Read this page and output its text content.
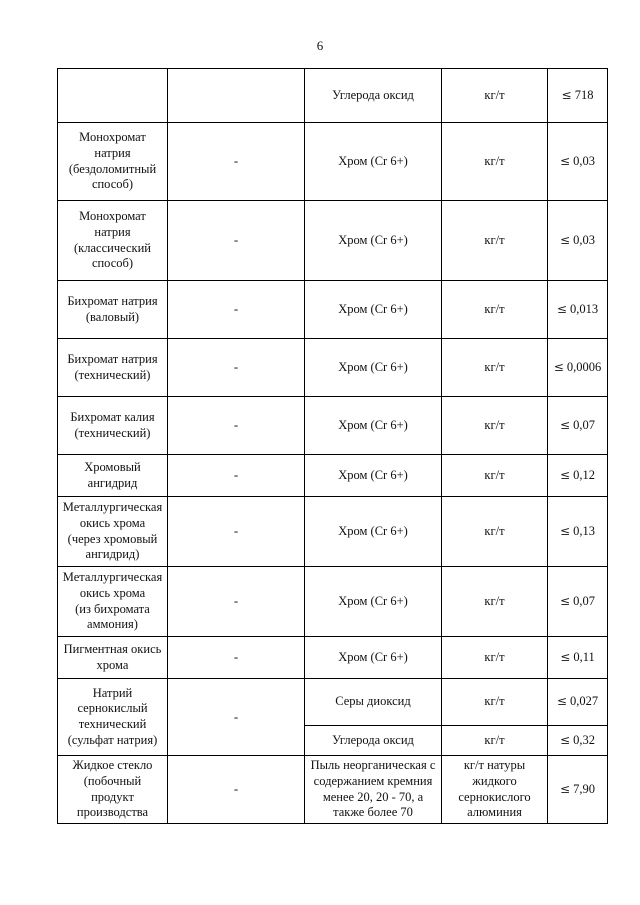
6
		Углерода оксид	кг/т	≤ 718
Монохромат
натрия
(бездоломитный
способ)	-	Хром (Cr 6+)	кг/т	≤ 0,03
Монохромат
натрия
(классический
способ)	-	Хром (Cr 6+)	кг/т	≤ 0,03
Бихромат натрия
(валовый)	-	Хром (Cr 6+)	кг/т	≤ 0,013
Бихромат натрия
(технический)	-	Хром (Cr 6+)	кг/т	≤ 0,0006
Бихромат калия
(технический)	-	Хром (Cr 6+)	кг/т	≤ 0,07
Хромовый
ангидрид	-	Хром (Cr 6+)	кг/т	≤ 0,12
Металлургическая
окись хрома
(через хромовый
ангидрид)	-	Хром (Cr 6+)	кг/т	≤ 0,13
Металлургическая
окись хрома
(из бихромата
аммония)	-	Хром (Cr 6+)	кг/т	≤ 0,07
Пигментная окись
хрома	-	Хром (Cr 6+)	кг/т	≤ 0,11
Натрий
сернокислый
технический
(сульфат натрия)	-	Серы диоксид	кг/т	≤ 0,027
		Углерода оксид	кг/т	≤ 0,32
Жидкое стекло
(побочный
продукт
производства	-	Пыль неорганическая с
содержанием кремния
менее 20, 20 - 70, а
также более 70	кг/т натуры
жидкого
сернокислого
алюминия	≤ 7,90
